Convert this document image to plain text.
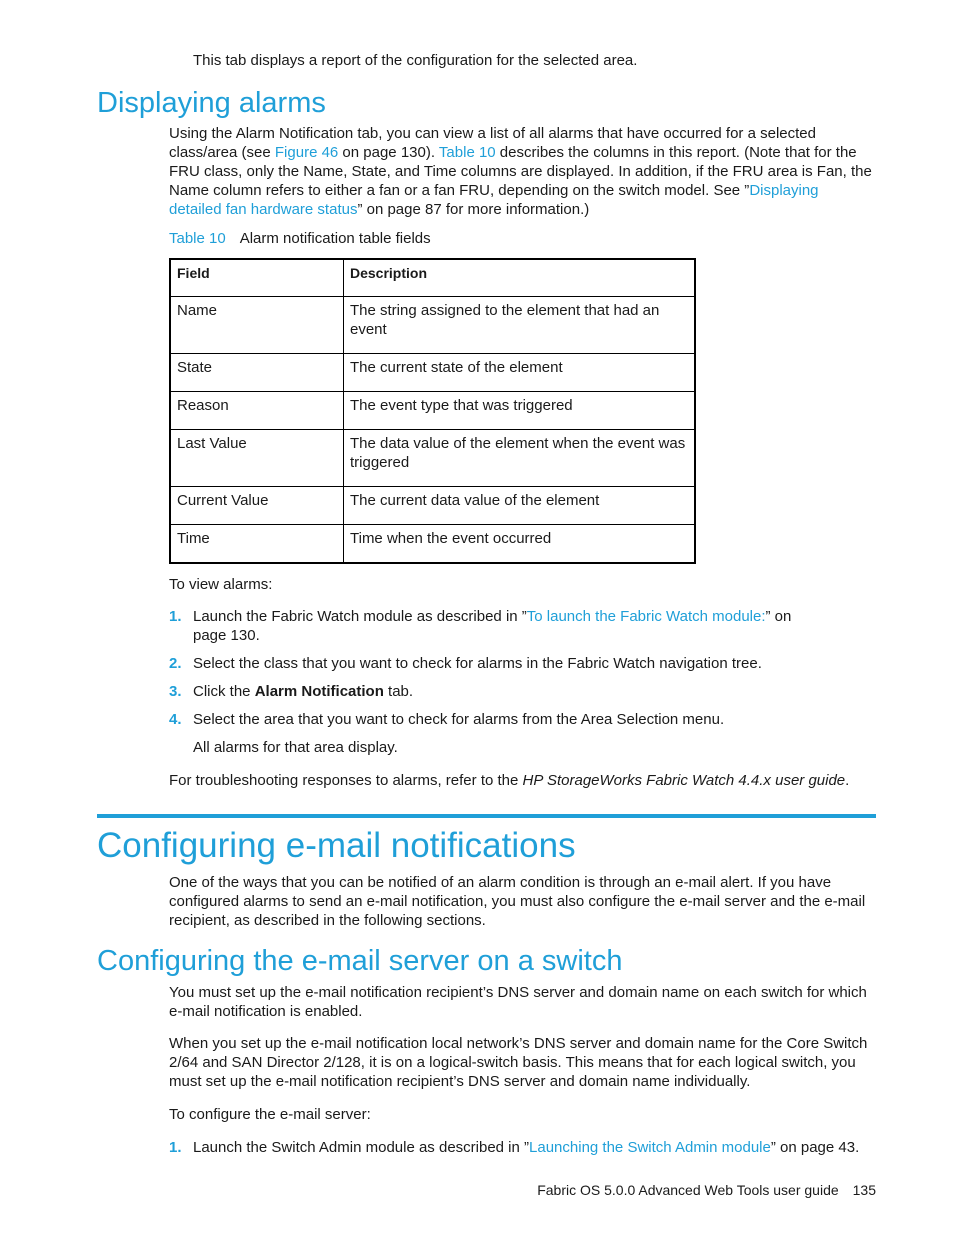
This tab displays a report of the configuration for the selected area.
Displaying alarms
Using the Alarm Notification tab, you can view a list of all alarms that have occurred for a selected class/area (see Figure 46 on page 130). Table 10 describes the columns in this report. (Note that for the FRU class, only the Name, State, and Time columns are displayed. In addition, if the FRU area is Fan, the Name column refers to either a fan or a fan FRU, depending on the switch model. See ”Displaying detailed fan hardware status” on page 87 for more information.)
Table 10 Alarm notification table fields
Field	Description
Name	The string assigned to the element that had an event
State	The current state of the element
Reason	The event type that was triggered
Last Value	The data value of the element when the event was triggered
Current Value	The current data value of the element
Time	Time when the event occurred
To view alarms:
1. Launch the Fabric Watch module as described in ”To launch the Fabric Watch module:” on page 130.
2. Select the class that you want to check for alarms in the Fabric Watch navigation tree.
3. Click the Alarm Notification tab.
4. Select the area that you want to check for alarms from the Area Selection menu.
All alarms for that area display.
For troubleshooting responses to alarms, refer to the HP StorageWorks Fabric Watch 4.4.x user guide.
Configuring e-mail notifications
One of the ways that you can be notified of an alarm condition is through an e-mail alert. If you have configured alarms to send an e-mail notification, you must also configure the e-mail server and the e-mail recipient, as described in the following sections.
Configuring the e-mail server on a switch
You must set up the e-mail notification recipient’s DNS server and domain name on each switch for which e-mail notification is enabled.
When you set up the e-mail notification local network’s DNS server and domain name for the Core Switch 2/64 and SAN Director 2/128, it is on a logical-switch basis. This means that for each logical switch, you must set up the e-mail notification recipient’s DNS server and domain name individually.
To configure the e-mail server:
1. Launch the Switch Admin module as described in ”Launching the Switch Admin module” on page 43.
Fabric OS 5.0.0 Advanced Web Tools user guide 135
